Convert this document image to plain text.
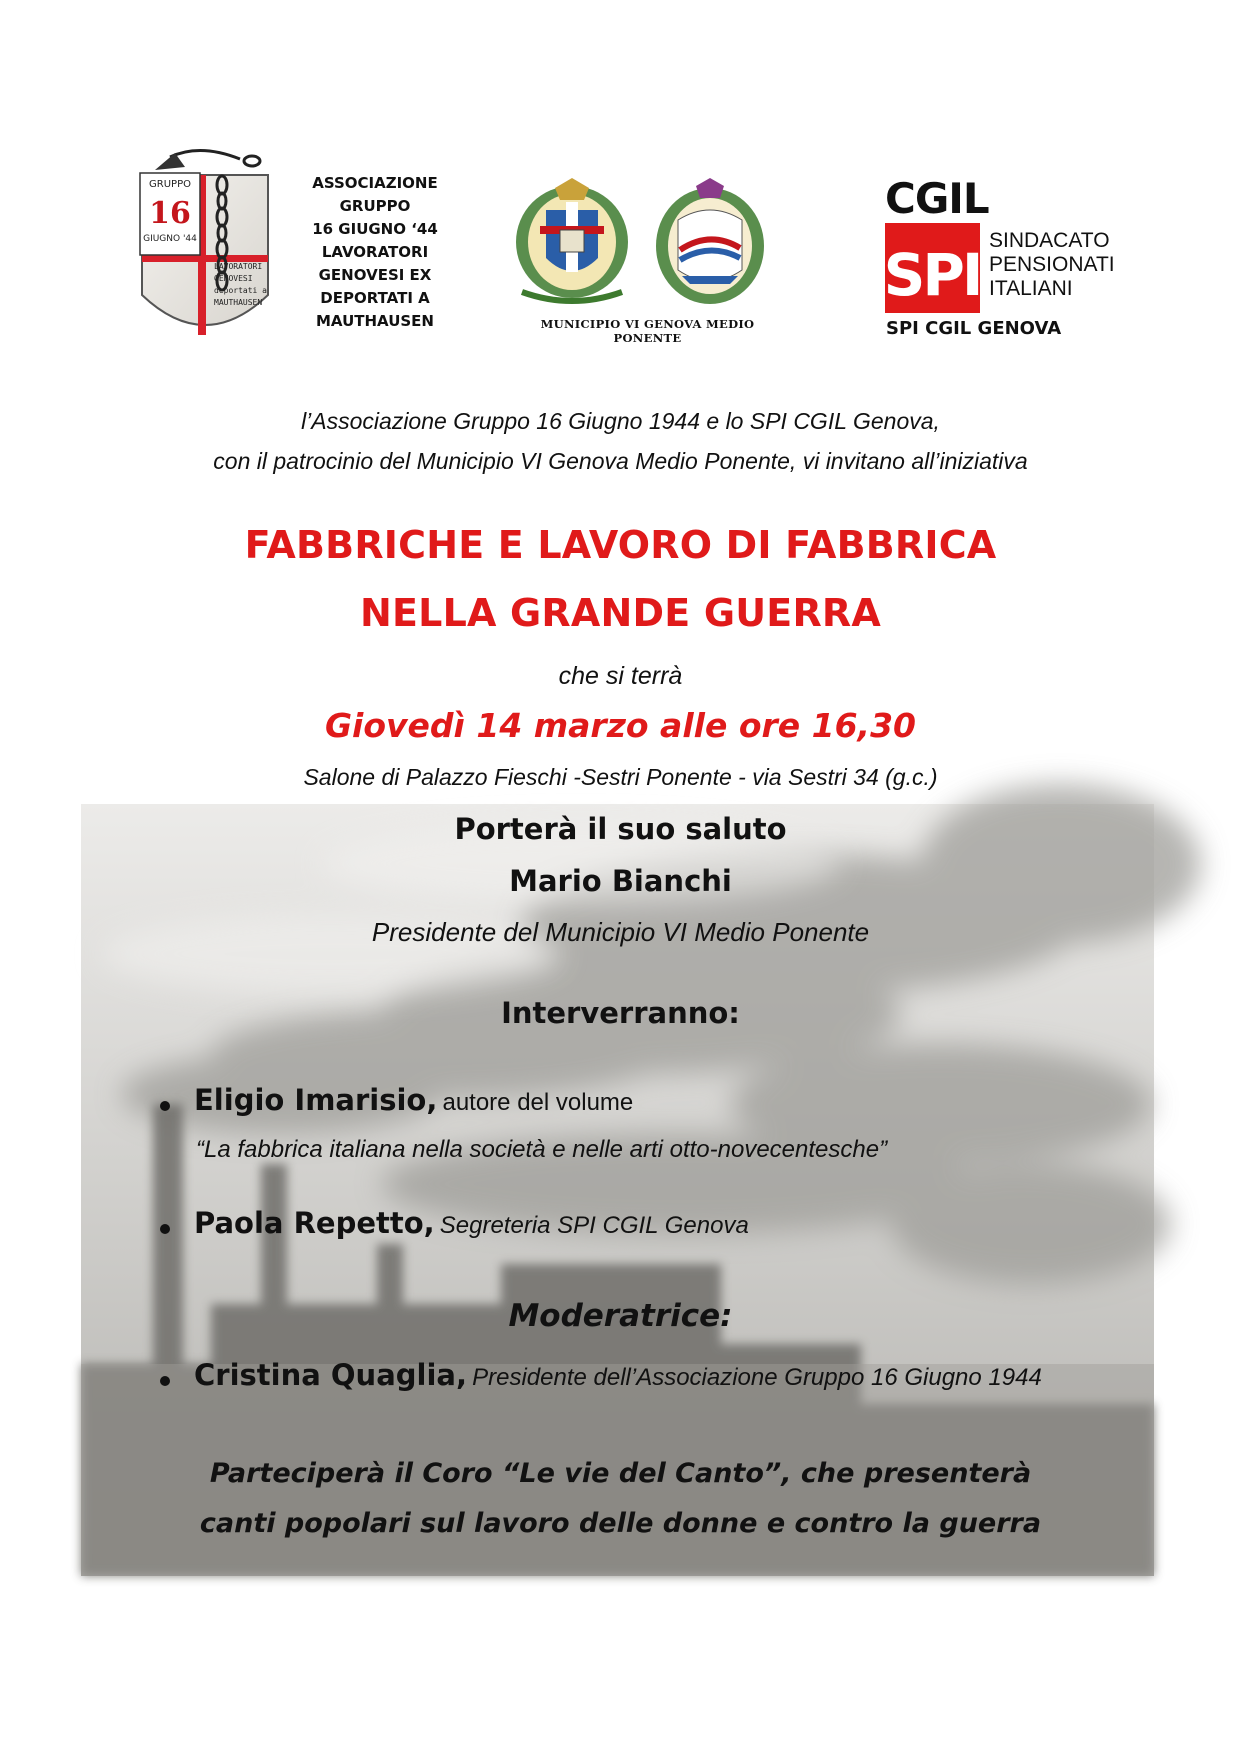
GRUPPO
16
GIUGNO '44
LAVORATORI
GENOVESI
deportati a
MAUTHAUSEN
ASSOCIAZIONE
GRUPPO
16 GIUGNO ‘44
LAVORATORI
GENOVESI EX
DEPORTATI A
MAUTHAUSEN	MUNICIPIO VI GENOVA MEDIO PONENTE
CGIL
SPI
SINDACATO
PENSIONATI
ITALIANI
SPI CGIL GENOVA
l’Associazione Gruppo 16 Giugno 1944 e lo SPI CGIL Genova,
con il patrocinio del Municipio VI Genova Medio Ponente, vi invitano all’iniziativa
FABBRICHE E LAVORO DI FABBRICA
NELLA GRANDE GUERRA
che si terrà
Giovedì 14 marzo alle ore 16,30
Salone di Palazzo Fieschi -Sestri Ponente - via Sestri 34 (g.c.)
Porterà il suo saluto
Mario Bianchi
Presidente del Municipio VI Medio Ponente
Interverranno:
Eligio Imarisio, autore del volume
“La fabbrica italiana nella società e nelle arti otto-novecentesche”
Paola Repetto, Segreteria SPI CGIL Genova
Moderatrice:
Cristina Quaglia, Presidente dell’Associazione Gruppo 16 Giugno 1944
Parteciperà il Coro “Le vie del Canto”, che presenterà
canti popolari sul lavoro delle donne e contro la guerra
